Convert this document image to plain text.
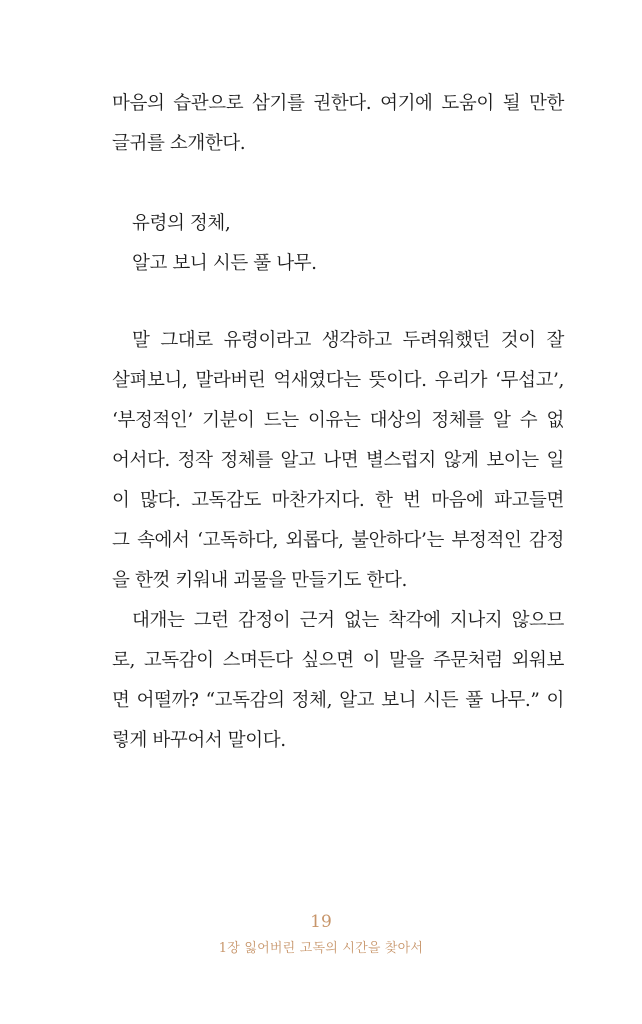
마음의 습관으로 삼기를 권한다. 여기에 도움이 될 만한
글귀를 소개한다.
유령의 정체,
알고 보니 시든 풀 나무.
말 그대로 유령이라고 생각하고 두려워했던 것이 잘
살펴보니, 말라버린 억새였다는 뜻이다. 우리가 ‘무섭고’,
‘부정적인’ 기분이 드는 이유는 대상의 정체를 알 수 없
어서다. 정작 정체를 알고 나면 별스럽지 않게 보이는 일
이 많다. 고독감도 마찬가지다. 한 번 마음에 파고들면
그 속에서 ‘고독하다, 외롭다, 불안하다’는 부정적인 감정
을 한껏 키워내 괴물을 만들기도 한다.
대개는 그런 감정이 근거 없는 착각에 지나지 않으므
로, 고독감이 스며든다 싶으면 이 말을 주문처럼 외워보
면 어떨까? “고독감의 정체, 알고 보니 시든 풀 나무.” 이
렇게 바꾸어서 말이다.
19
1장 잃어버린 고독의 시간을 찾아서
